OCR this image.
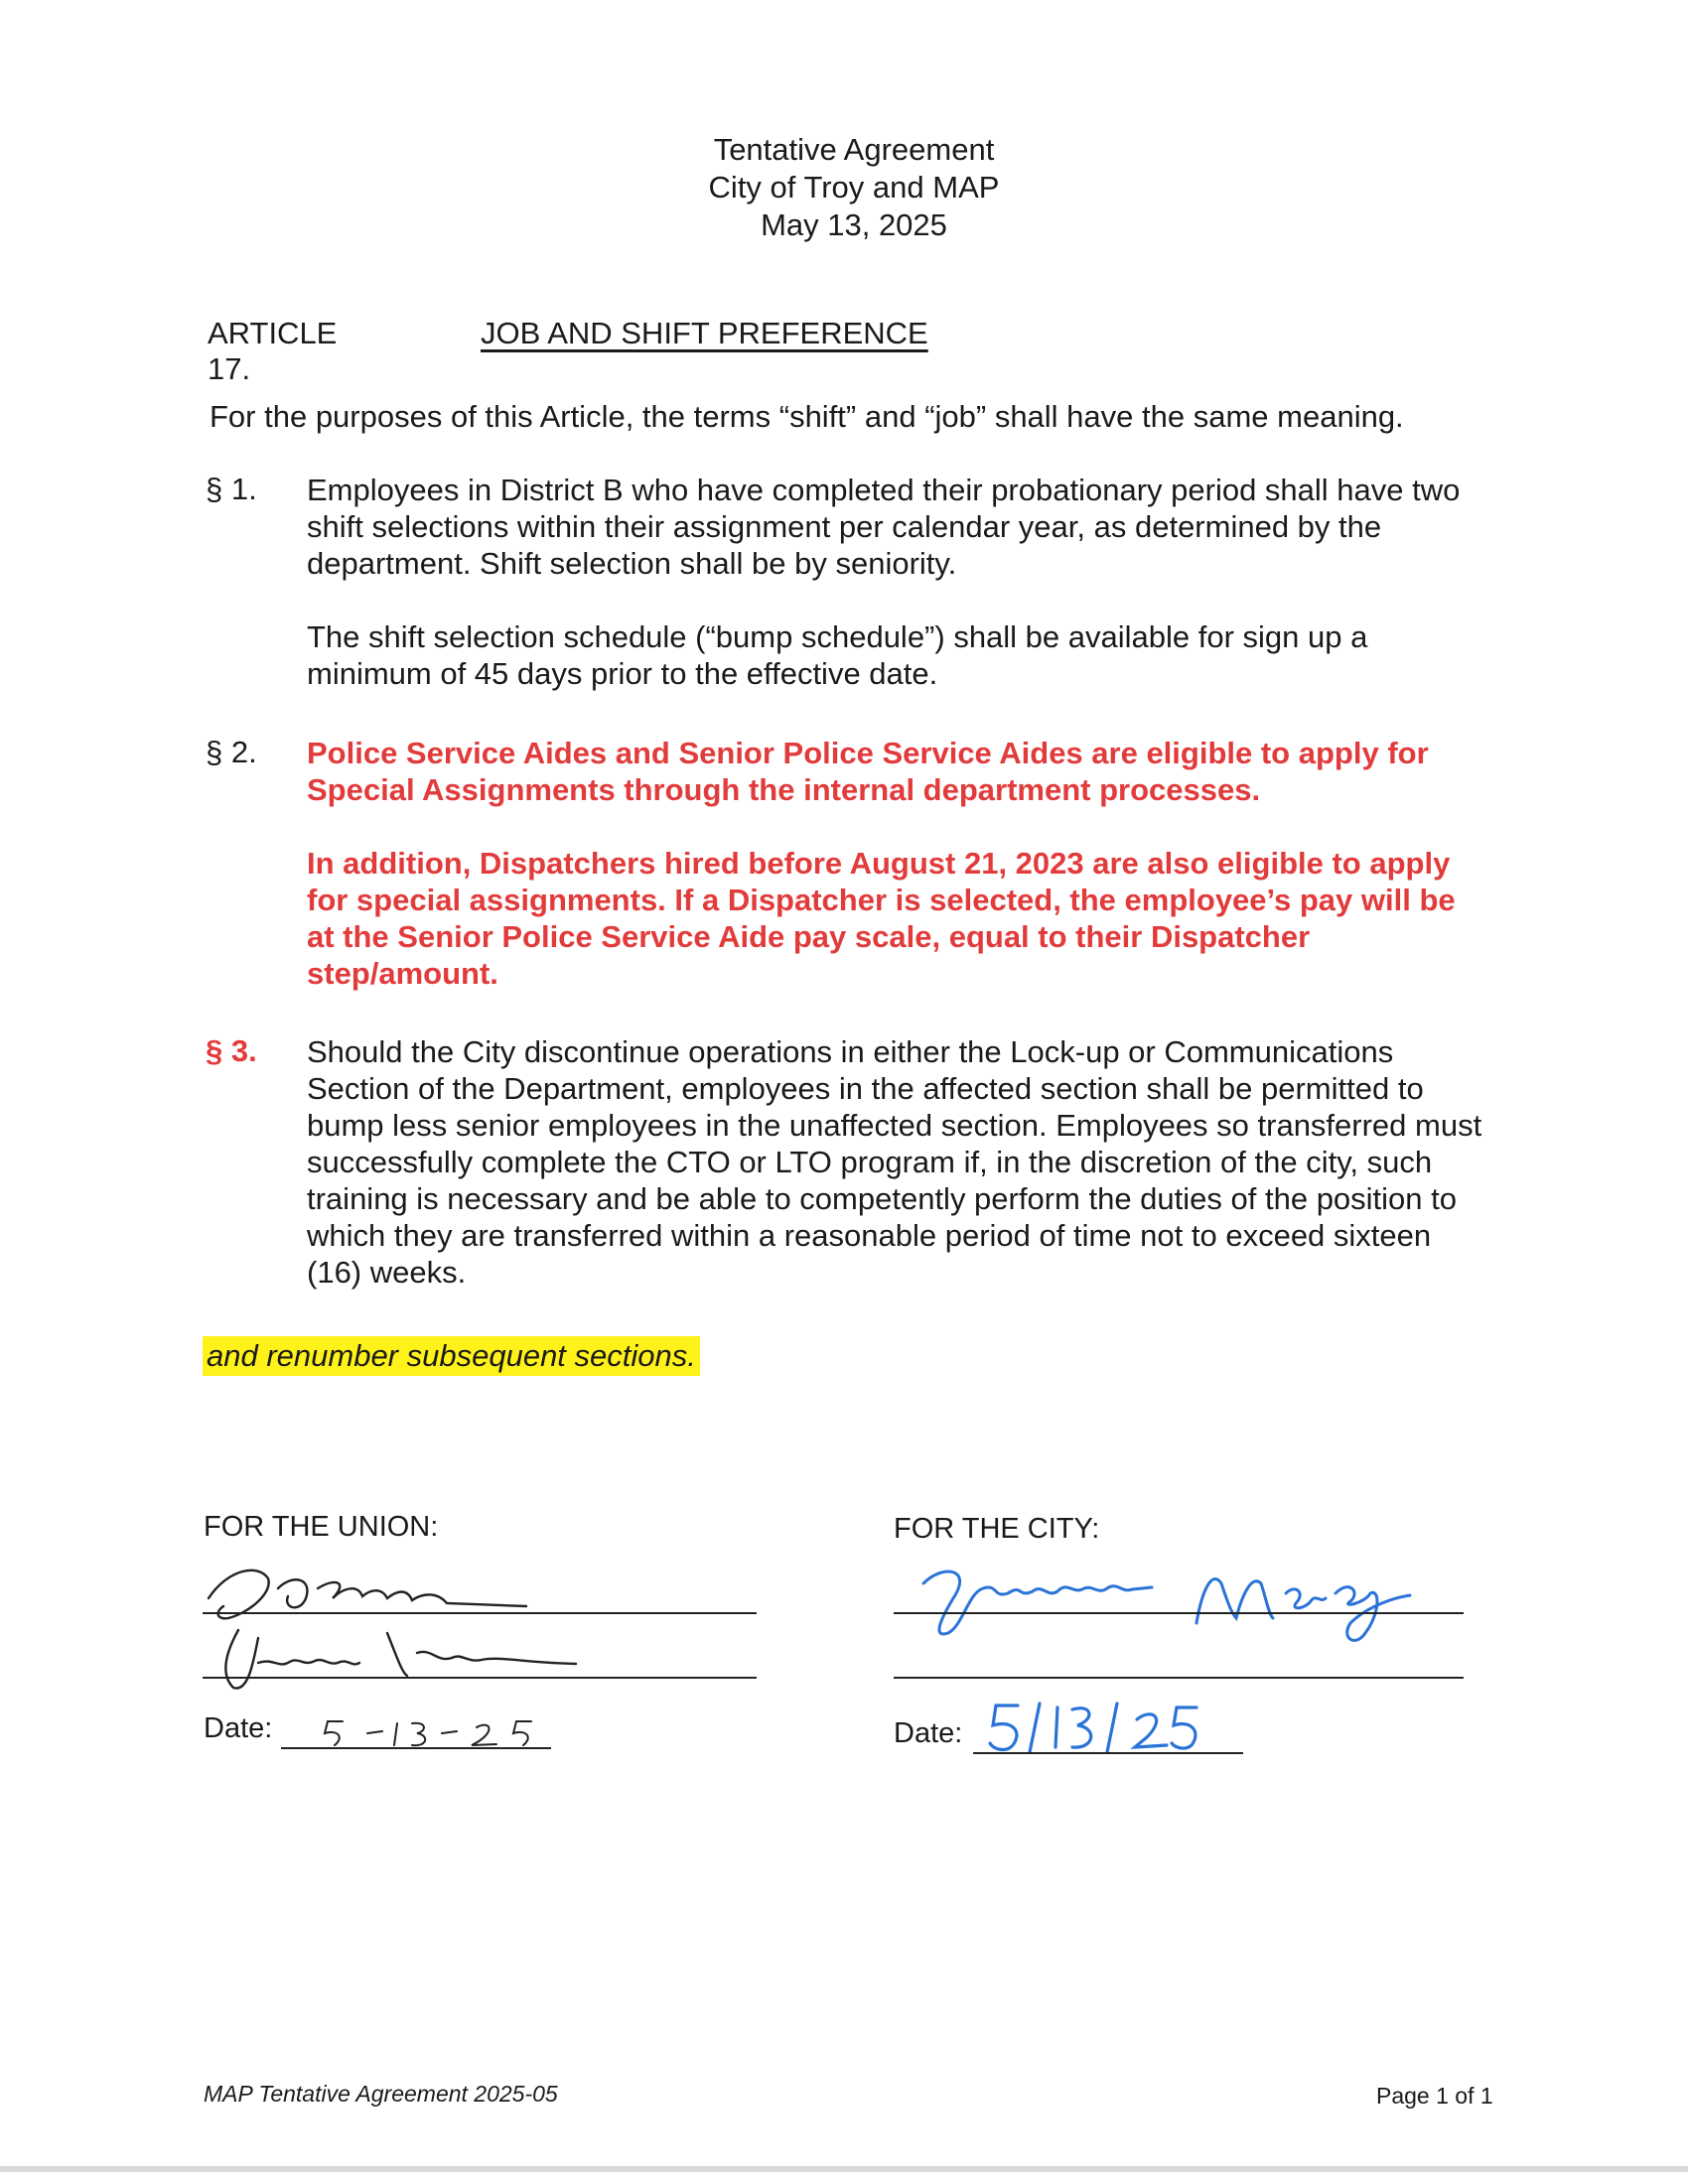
Tentative Agreement
City of Troy and MAP
May 13, 2025
ARTICLE 17.
JOB AND SHIFT PREFERENCE
For the purposes of this Article, the terms “shift” and “job” shall have the same meaning.
§ 1. Employees in District B who have completed their probationary period shall have two shift selections within their assignment per calendar year, as determined by the department. Shift selection shall be by seniority.

The shift selection schedule (“bump schedule”) shall be available for sign up a minimum of 45 days prior to the effective date.

§ 2. Police Service Aides and Senior Police Service Aides are eligible to apply for Special Assignments through the internal department processes.

In addition, Dispatchers hired before August 21, 2023 are also eligible to apply for special assignments. If a Dispatcher is selected, the employee’s pay will be at the Senior Police Service Aide pay scale, equal to their Dispatcher step/amount.

§ 3. Should the City discontinue operations in either the Lock-up or Communications Section of the Department, employees in the affected section shall be permitted to bump less senior employees in the unaffected section. Employees so transferred must successfully complete the CTO or LTO program if, in the discretion of the city, such training is necessary and be able to competently perform the duties of the position to which they are transferred within a reasonable period of time not to exceed sixteen (16) weeks.

and renumber subsequent sections.
FOR THE UNION:
Date:
FOR THE CITY:
Date:
MAP Tentative Agreement 2025-05	Page 1 of 1
